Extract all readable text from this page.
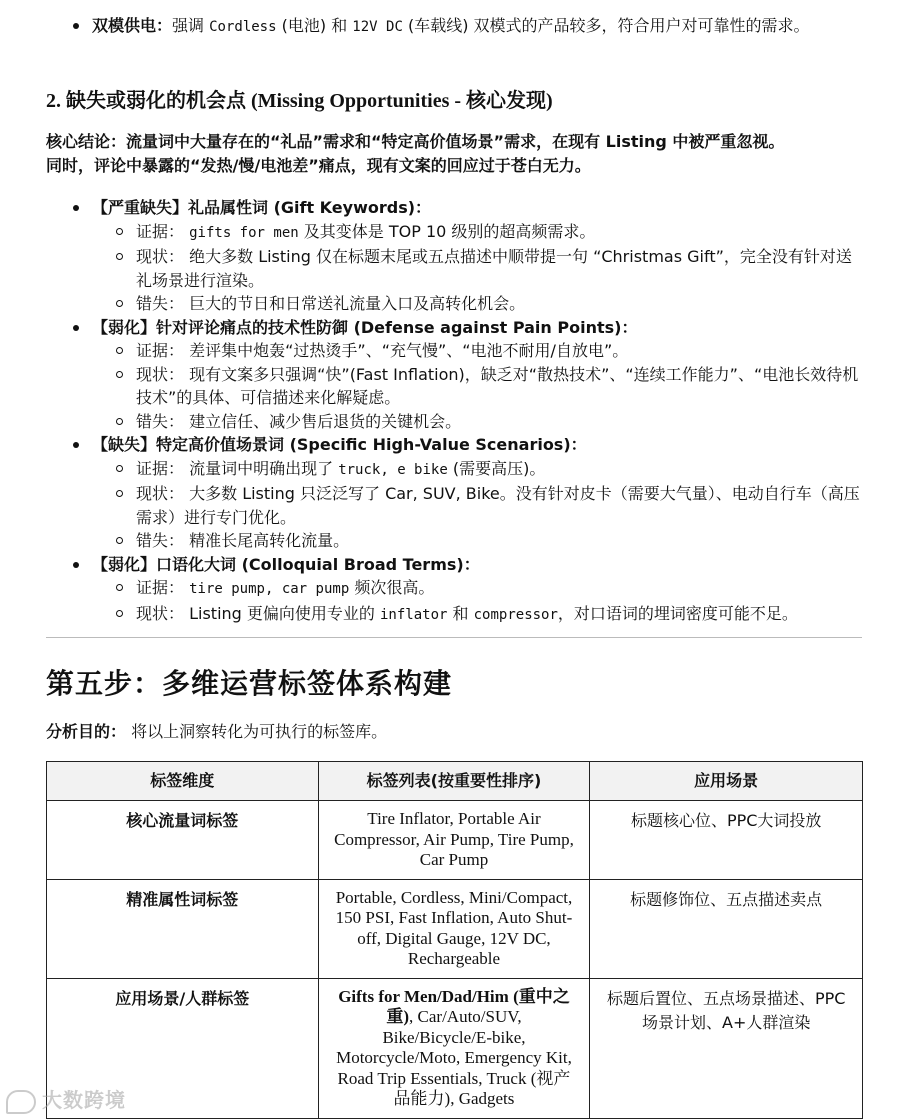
双模供电：强调 Cordless (电池) 和 12V DC (车载线) 双模式的产品较多，符合用户对可靠性的需求。
2. 缺失或弱化的机会点 (Missing Opportunities - 核心发现)
核心结论：流量词中大量存在的“礼品”需求和“特定高价值场景”需求，在现有 Listing 中被严重忽视。
同时，评论中暴露的“发热/慢/电池差”痛点，现有文案的回应过于苍白无力。
【严重缺失】礼品属性词 (Gift Keywords)：
证据： gifts for men 及其变体是 TOP 10 级别的超高频需求。
现状： 绝大多数 Listing 仅在标题末尾或五点描述中顺带提一句 “Christmas Gift”，完全没有针对送礼场景进行渲染。
错失： 巨大的节日和日常送礼流量入口及高转化机会。
【弱化】针对评论痛点的技术性防御 (Defense against Pain Points)：
证据： 差评集中炮轰“过热烫手”、“充气慢”、“电池不耐用/自放电”。
现状： 现有文案多只强调“快”(Fast Inflation)，缺乏对“散热技术”、“连续工作能力”、“电池长效待机技术”的具体、可信描述来化解疑虑。
错失： 建立信任、减少售后退货的关键机会。
【缺失】特定高价值场景词 (Specific High-Value Scenarios)：
证据： 流量词中明确出现了 truck, e bike (需要高压)。
现状： 大多数 Listing 只泛泛写了 Car, SUV, Bike。没有针对皮卡（需要大气量）、电动自行车（高压需求）进行专门优化。
错失： 精准长尾高转化流量。
【弱化】口语化大词 (Colloquial Broad Terms)：
证据： tire pump, car pump 频次很高。
现状： Listing 更偏向使用专业的 inflator 和 compressor，对口语词的埋词密度可能不足。
第五步：多维运营标签体系构建
分析目的： 将以上洞察转化为可执行的标签库。
标签维度	标签列表(按重要性排序)	应用场景
核心流量词标签	Tire Inflator, Portable Air Compressor, Air Pump, Tire Pump, Car Pump	标题核心位、PPC大词投放
精准属性词标签	Portable, Cordless, Mini/Compact, 150 PSI, Fast Inflation, Auto Shut-off, Digital Gauge, 12V DC, Rechargeable	标题修饰位、五点描述卖点
应用场景/人群标签	Gifts for Men/Dad/Him (重中之重), Car/Auto/SUV, Bike/Bicycle/E-bike, Motorcycle/Moto, Emergency Kit, Road Trip Essentials, Truck (视产品能力), Gadgets	标题后置位、五点场景描述、PPC场景计划、A+人群渲染
大数跨境
